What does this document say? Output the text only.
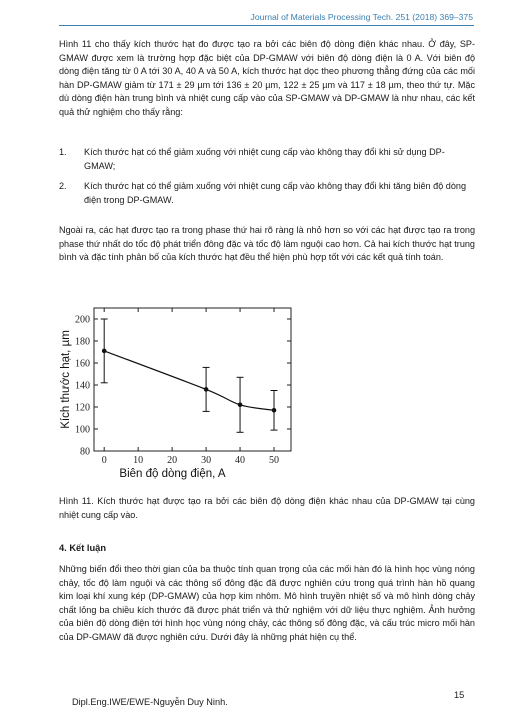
Journal of Materials Processing Tech. 251 (2018) 369–375

Hình 11 cho thấy kích thước hạt đo được tạo ra bởi các biên độ dòng điện khác nhau. Ở đây, SP-GMAW được xem là trường hợp đặc biệt của DP-GMAW với biên độ dòng điện là 0 A. Với biên độ dòng điện tăng từ 0 A tới 30 A, 40 A và 50 A, kích thước hạt dọc theo phương thẳng đứng của các mối hàn DP-GMAW giảm từ 171 ± 29 µm tới 136 ± 20 µm, 122 ± 25 µm và 117 ± 18 µm, theo thứ tự. Mặc dù dòng điện hàn trung bình và nhiệt cung cấp vào của SP-GMAW và DP-GMAW là như nhau, các kết quả thử nghiệm cho thấy rằng:

1. Kích thước hạt có thể giảm xuống với nhiệt cung cấp vào không thay đổi khi sử dụng DP-GMAW;
2. Kích thước hạt có thể giảm xuống với nhiệt cung cấp vào không thay đổi khi tăng biên độ dòng điện trong DP-GMAW.

Ngoài ra, các hạt được tạo ra trong phase thứ hai rõ ràng là nhỏ hơn so với các hạt được tạo ra trong phase thứ nhất do tốc độ phát triển đông đặc và tốc độ làm nguội cao hơn. Cả hai kích thước hạt trung bình và đặc tính phân bố của kích thước hạt đều thể hiện phù hợp tốt với các kết quả tính toán.

0	10 20 30 40 50
80
100
120
140
160
180
200
Biên độ dòng điện, A
Kích thước hạt, µm

Hình 11. Kích thước hạt được tạo ra bởi các biên độ dòng điện khác nhau của DP-GMAW tại cùng nhiệt cung cấp vào.

4. Kết luận

Những biến đổi theo thời gian của ba thuộc tính quan trọng của các mối hàn đó là hình học vùng nóng chảy, tốc độ làm nguội và các thông số đông đặc đã được nghiên cứu trong quá trình hàn hồ quang kim loại khí xung kép (DP-GMAW) của hợp kim nhôm. Mô hình truyền nhiệt số và mô hình dòng chảy chất lỏng ba chiều kích thước đã được phát triển và thử nghiệm với dữ liệu thực nghiệm. Ảnh hưởng của biên độ dòng điện tới hình học vùng nóng chảy, các thông số đông đặc, và cấu trúc micro mối hàn của DP-GMAW đã được nghiên cứu. Dưới đây là những phát hiện cụ thể.

Dipl.Eng.IWE/EWE-Nguyễn Duy Ninh.
15
